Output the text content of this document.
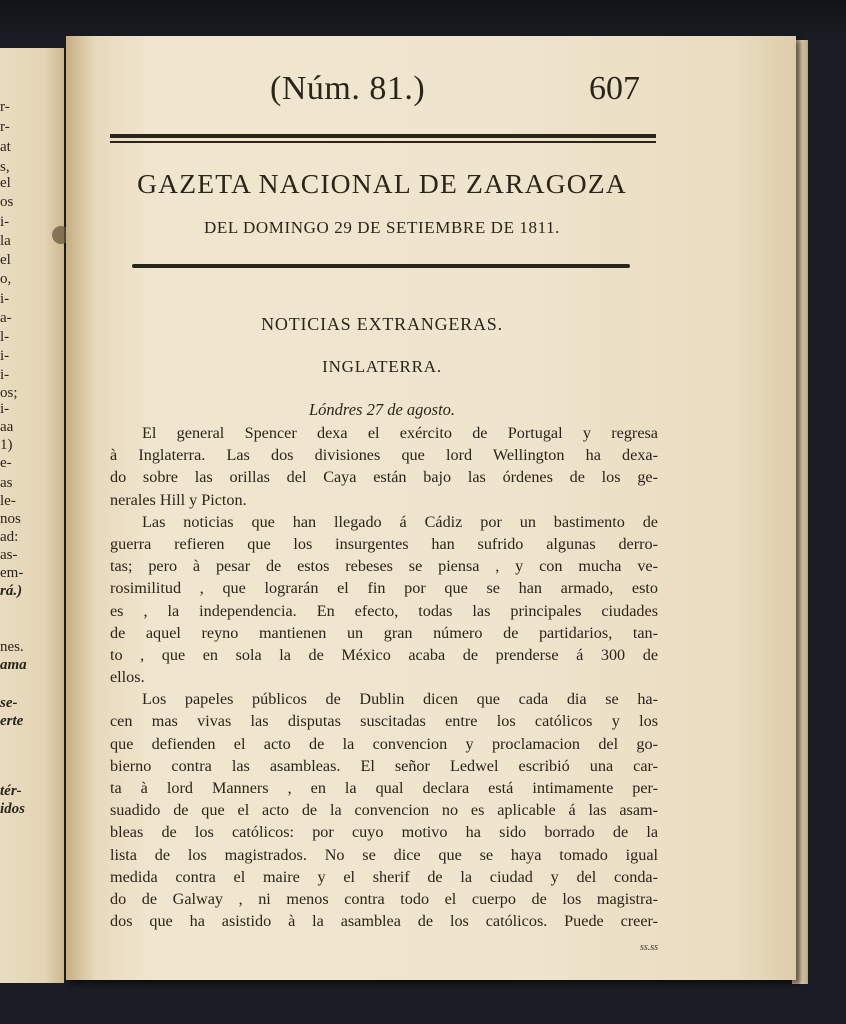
r-
r-
at
s,
el
os
i-
la
el
o,
i-
a-
l-
i-
i-
os;
i-
aa
1)
e-
as
le-
nos
ad:
as-
em-
rá.)
nes.
ama
se-
erte
tér-
idos
(Núm. 81.)	607
GAZETA NACIONAL DE ZARAGOZA
DEL DOMINGO 29 DE SETIEMBRE DE 1811.
NOTICIAS EXTRANGERAS.
INGLATERRA.
Lóndres 27 de agosto.
El general Spencer dexa el exército de Portugal y regresa
à Inglaterra. Las dos divisiones que lord Wellington ha dexa-
do sobre las orillas del Caya están bajo las órdenes de los ge-
nerales Hill y Picton.
Las noticias que han llegado á Cádiz por un bastimento de
guerra refieren que los insurgentes han sufrido algunas derro-
tas; pero à pesar de estos rebeses se piensa , y con mucha ve-
rosimilitud , que lograrán el fin por que se han armado, esto
es , la independencia. En efecto, todas las principales ciudades
de aquel reyno mantienen un gran número de partidarios, tan-
to , que en sola la de México acaba de prenderse á 300 de
ellos.
Los papeles públicos de Dublin dicen que cada dia se ha-
cen mas vivas las disputas suscitadas entre los católicos y los
que defienden el acto de la convencion y proclamacion del go-
bierno contra las asambleas. El señor Ledwel escribió una car-
ta à lord Manners , en la qual declara está intimamente per-
suadido de que el acto de la convencion no es aplicable á las asam-
bleas de los católicos: por cuyo motivo ha sido borrado de la
lista de los magistrados. No se dice que se haya tomado igual
medida contra el maire y el sherif de la ciudad y del conda-
do de Galway , ni menos contra todo el cuerpo de los magistra-
dos que ha asistido à la asamblea de los católicos. Puede creer-
ss.ss
